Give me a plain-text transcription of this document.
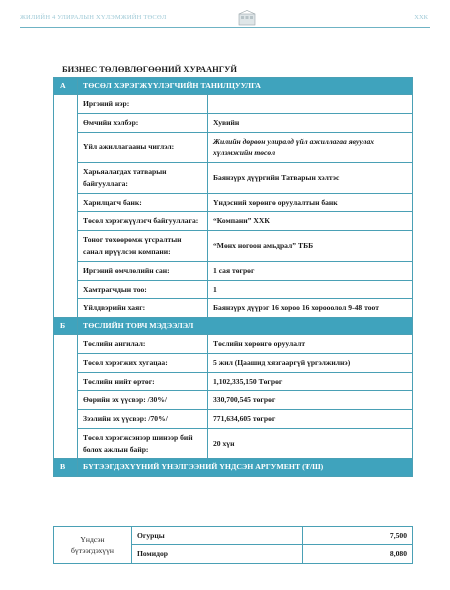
ЖИЛИЙН 4 УЛИРАЛЫН ХҮЛЭМЖИЙН ТӨСӨЛ	ХХК
БИЗНЕС ТӨЛӨВЛӨГӨӨНИЙ ХУРААНГУЙ
А	ТӨСӨЛ ХЭРЭГЖҮҮЛЭГЧИЙН ТАНИЛЦУУЛГА	
	Иргэний нэр:	
	Өмчийн хэлбэр:	Хувийн
	Үйл ажиллагааны чиглэл:	Жилийн дөрвөн улиралд үйл ажиллагаа явуулах хүлэмжийн төсөл
	Харьяалагдах татварын байгууллага:	Баянзүрх дүүргийн Татварын хэлтэс
	Харилцагч банк:	Үндэсний хөрөнгө оруулалтын банк
	Төсөл хэрэгжүүлэгч байгууллага:	“Компани” ХХК
	Тоног төхөөрөмж үгсралтын санал ирүүлсэн компани:	“Мөнх ногоон амьдрал” ТББ
	Иргэний өмчлөлийн сан:	1 сая төгрөг
	Хамтрагчдын тоо:	1
	Үйлдвэрийн хаяг:	Баянзүрх дүүрэг 16 хороо 16 хорооолол 9-48 тоот
Б	ТӨСЛИЙН ТОВЧ МЭДЭЭЛЭЛ	
	Төслийн ангилал:	Төслийн хөрөнгө оруулалт
	Төсөл хэрэгжих хугацаа:	5 жил (Цаашид хязгааргүй үргэлжилнэ)
	Төслийн нийт өртөг:	1,102,335,150 Төгрөг
	Өөрийн эх үүсвэр: /30%/	330,700,545 төгрөг
	Зээлийн эх үүсвэр: /70%/	771,634,605 төгрөг
	Төсөл хэрэгжсэнээр шинээр бий болох ажлын байр:	20 хүн
В	БҮТЭЭГДЭХҮҮНИЙ ҮНЭЛГЭЭНИЙ ҮНДСЭН АРГУМЕНТ (₮/Ш)	
Үндсэн
бүтээгдэхүүн	Огурцы	7,500
	Помидор	8,080
